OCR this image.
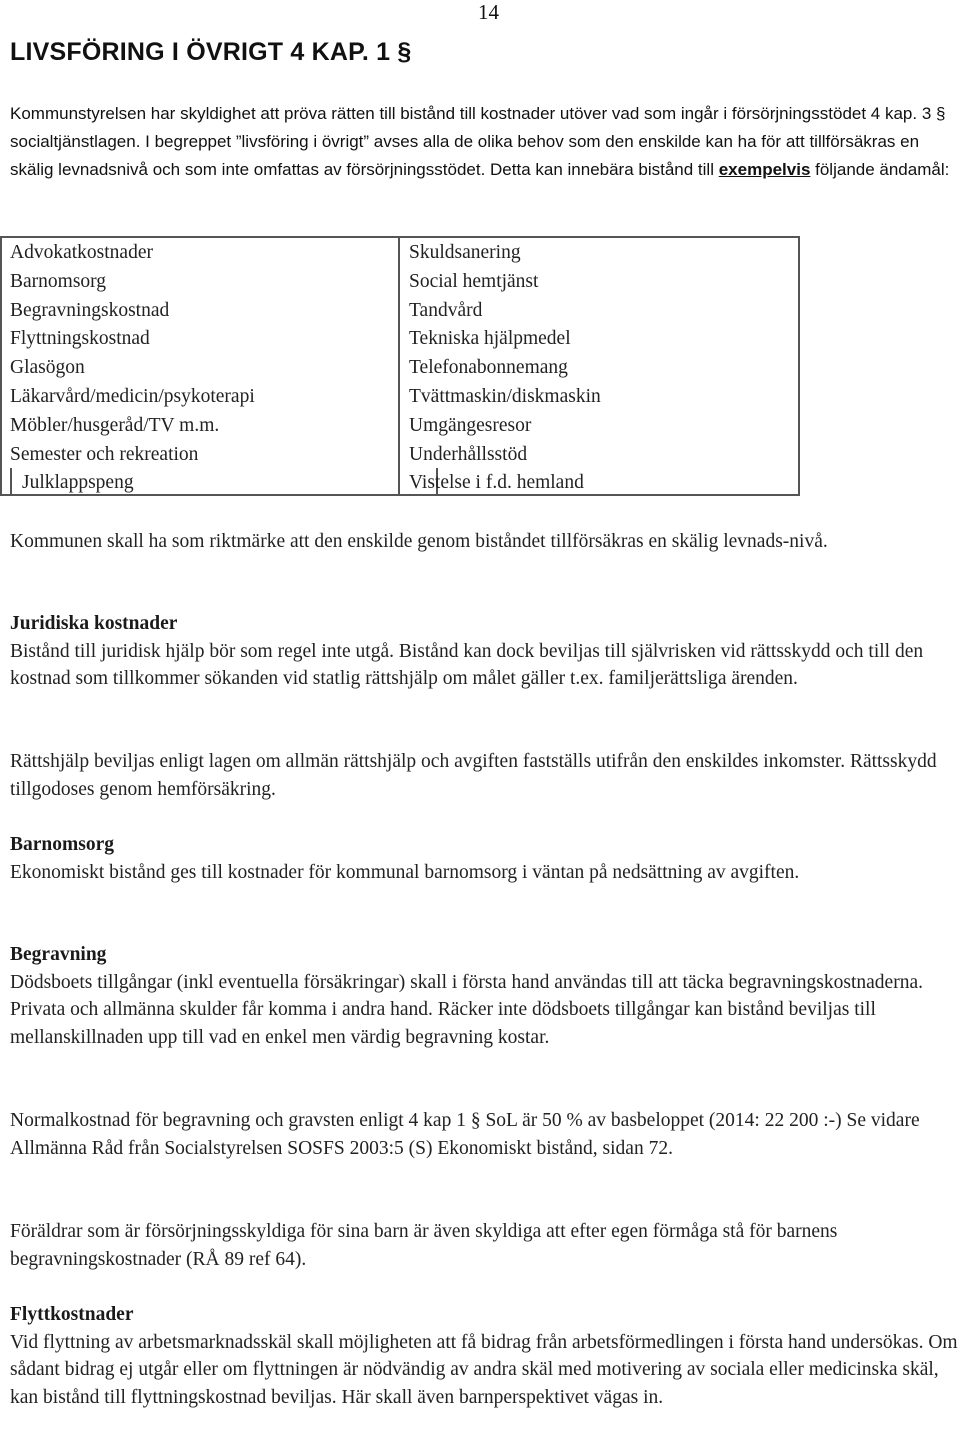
14
LIVSFÖRING I ÖVRIGT 4 KAP. 1 §

Kommunstyrelsen har skyldighet att pröva rätten till bistånd till kostnader utöver vad som ingår i försörjningsstödet 4 kap. 3 § socialtjänstlagen. I begreppet ”livsföring i övrigt” avses alla de olika behov som den enskilde kan ha för att tillförsäkras en skälig levnadsnivå och som inte omfattas av försörjningsstödet. Detta kan innebära bistånd till exempelvis följande ändamål:

Advokatkostnader
Barnomsorg
Begravningskostnad
Flyttningskostnad
Glasögon
Läkarvård/medicin/psykoterapi
Möbler/husgeråd/TV m.m.
Semester och rekreation
Julklappspeng
Skuldsanering
Social hemtjänst
Tandvård
Tekniska hjälpmedel
Telefonabonnemang
Tvättmaskin/diskmaskin
Umgängesresor
Underhållsstöd
Vistelse i f.d. hemland

Kommunen skall ha som riktmärke att den enskilde genom biståndet tillförsäkras en skälig levnads-nivå.

Juridiska kostnader

Bistånd till juridisk hjälp bör som regel inte utgå. Bistånd kan dock beviljas till självrisken vid rättsskydd och till den kostnad som tillkommer sökanden vid statlig rättshjälp om målet gäller t.ex. familjerättsliga ärenden.

Rättshjälp beviljas enligt lagen om allmän rättshjälp och avgiften fastställs utifrån den enskildes inkomster. Rättsskydd tillgodoses genom hemförsäkring.

Barnomsorg

Ekonomiskt bistånd ges till kostnader för kommunal barnomsorg i väntan på nedsättning av avgiften.

Begravning

Dödsboets tillgångar (inkl eventuella försäkringar) skall i första hand användas till att täcka begravningskostnaderna. Privata och allmänna skulder får komma i andra hand. Räcker inte dödsboets tillgångar kan bistånd beviljas till mellanskillnaden upp till vad en enkel men värdig begravning kostar.

Normalkostnad för begravning och gravsten enligt 4 kap 1 § SoL är 50 % av basbeloppet (2014: 22 200 :-) Se vidare Allmänna Råd från Socialstyrelsen SOSFS 2003:5 (S) Ekonomiskt bistånd, sidan 72.

Föräldrar som är försörjningsskyldiga för sina barn är även skyldiga att efter egen förmåga stå för barnens begravningskostnader (RÅ 89 ref 64).

Flyttkostnader

Vid flyttning av arbetsmarknadsskäl skall möjligheten att få bidrag från arbetsförmedlingen i första hand undersökas. Om sådant bidrag ej utgår eller om flyttningen är nödvändig av andra skäl med motivering av sociala eller medicinska skäl, kan bistånd till flyttningskostnad beviljas. Här skall även barnperspektivet vägas in.
